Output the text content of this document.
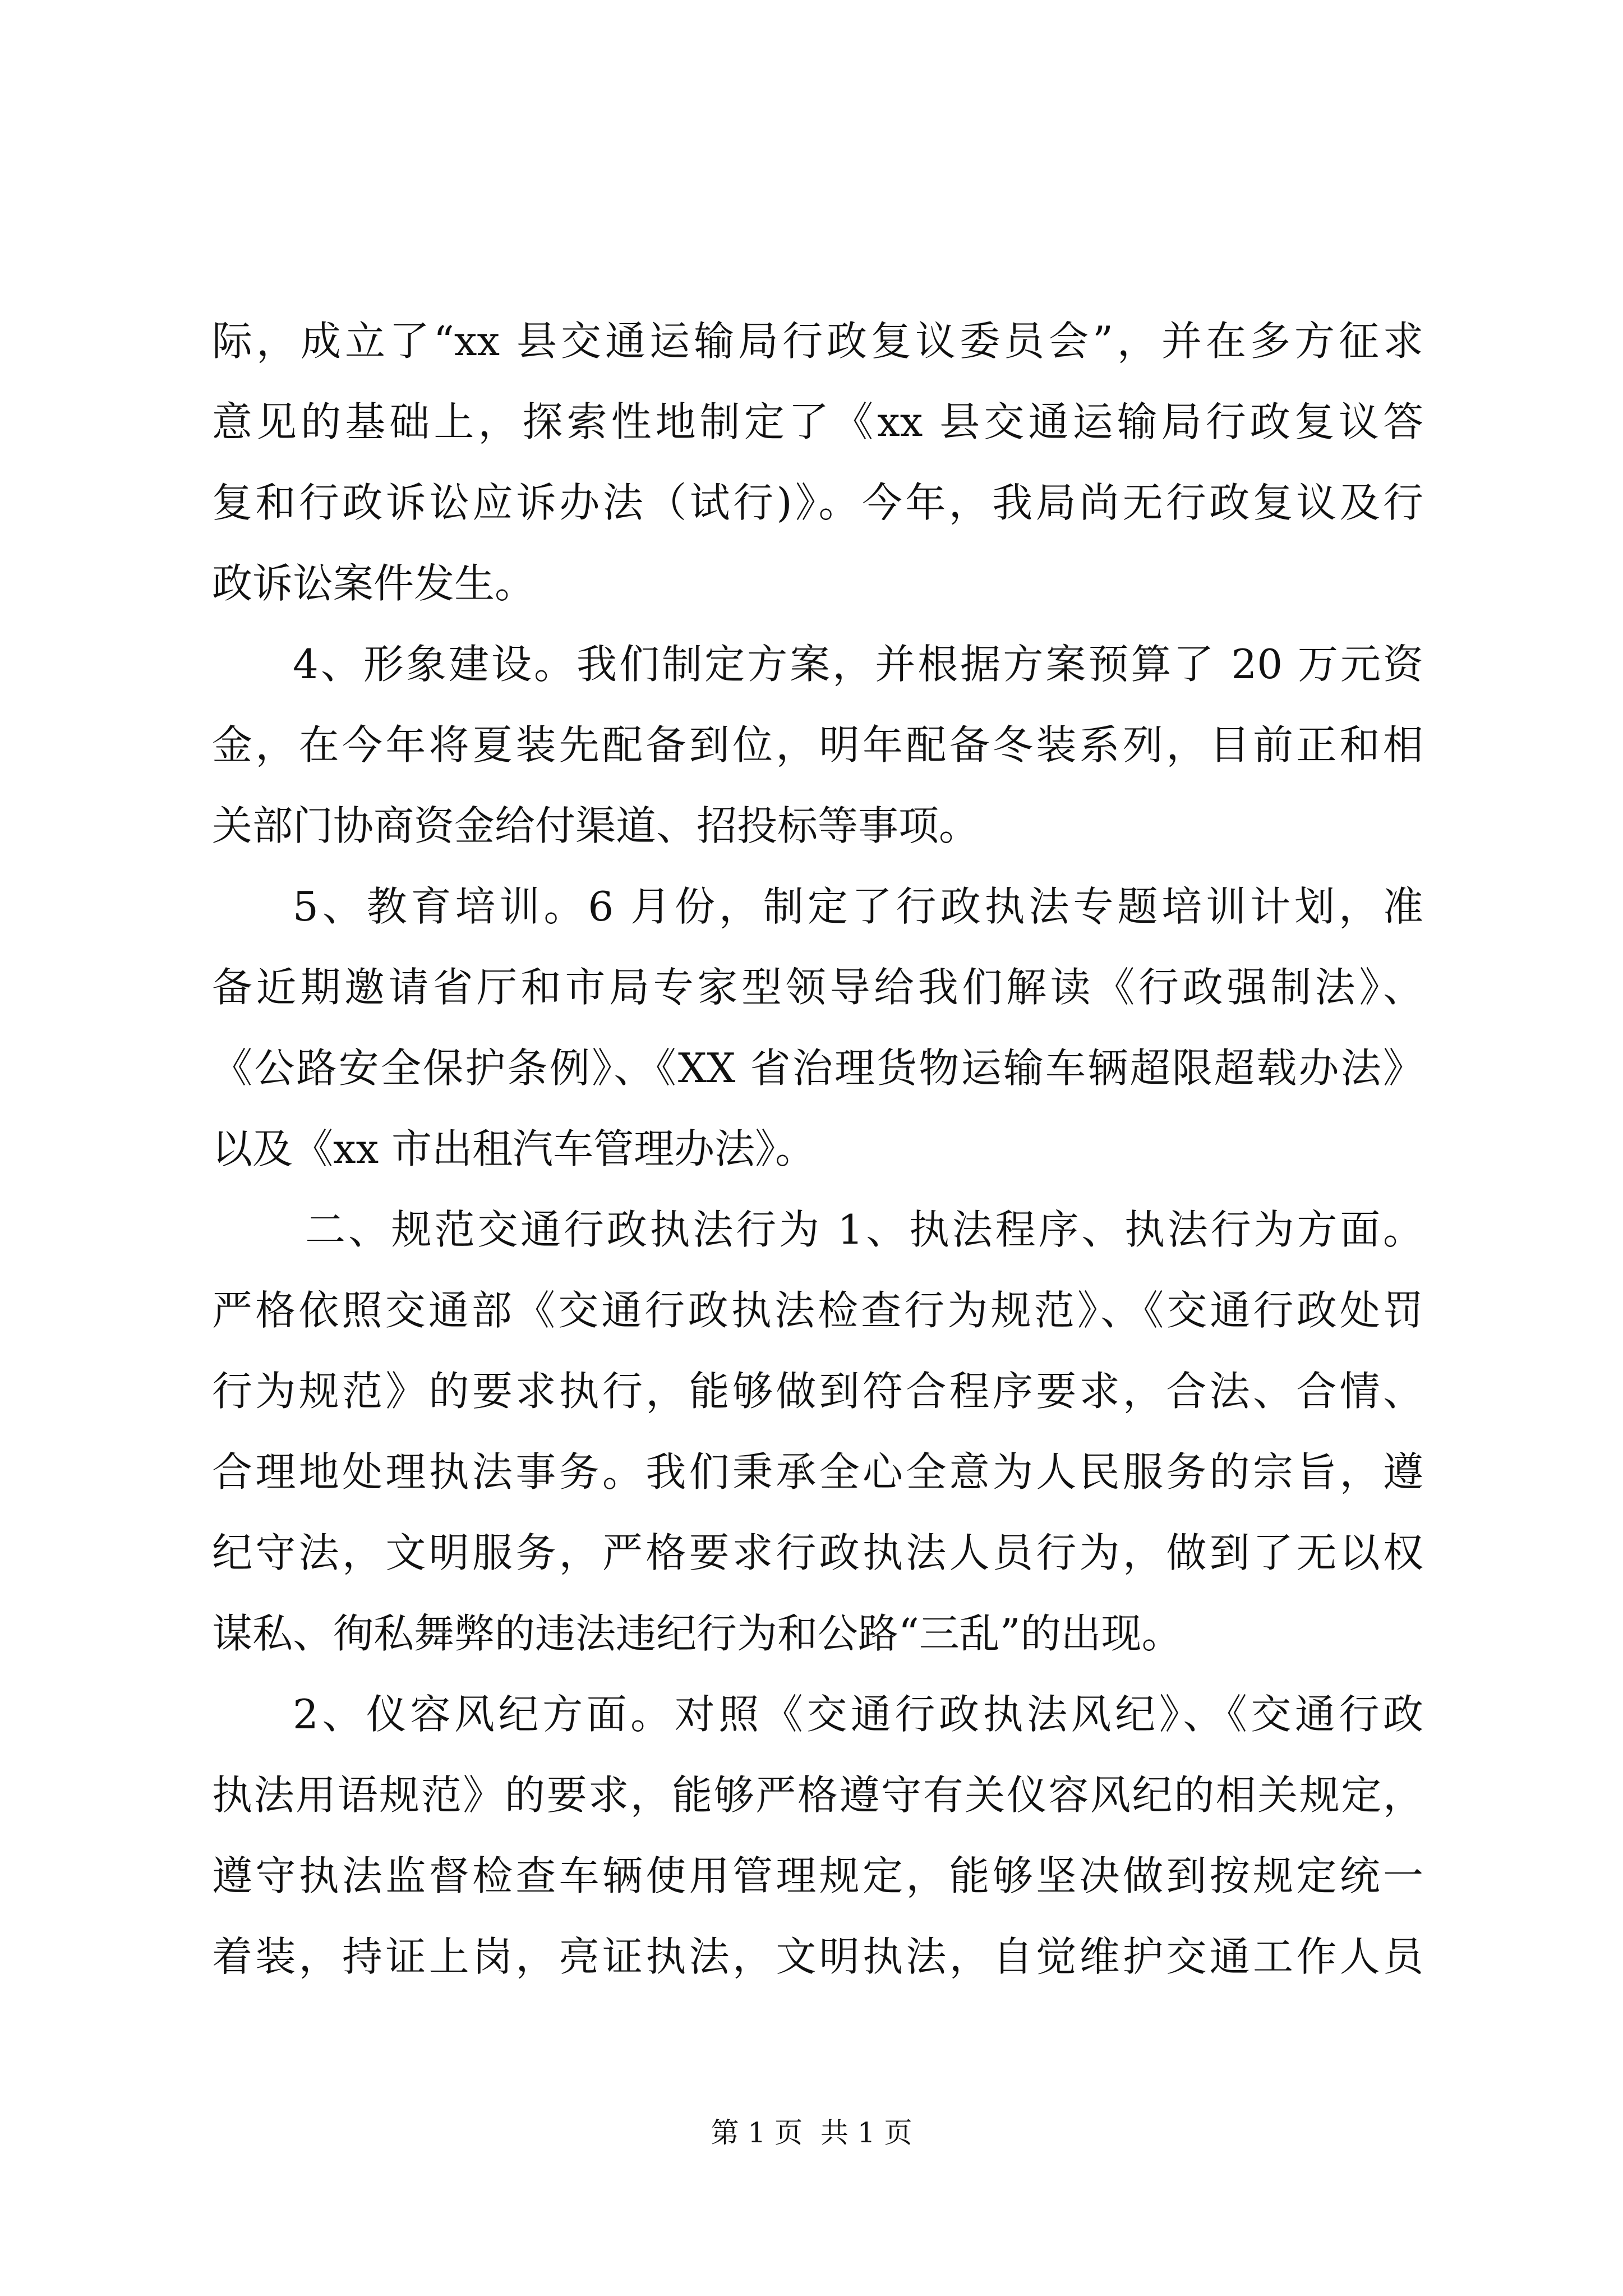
际，成立了“xx 县交通运输局行政复议委员会”，并在多方征求
意见的基础上，探索性地制定了《xx 县交通运输局行政复议答
复和行政诉讼应诉办法（试行)》。今年，我局尚无行政复议及行
政诉讼案件发生。
4、形象建设。我们制定方案，并根据方案预算了 20 万元资
金，在今年将夏装先配备到位，明年配备冬装系列，目前正和相
关部门协商资金给付渠道、招投标等事项。
5、教育培训。6 月份，制定了行政执法专题培训计划，准
备近期邀请省厅和市局专家型领导给我们解读《行政强制法》、
《公路安全保护条例》、《XX 省治理货物运输车辆超限超载办法》
以及《xx 市出租汽车管理办法》。
二、规范交通行政执法行为 1、执法程序、执法行为方面。
严格依照交通部《交通行政执法检查行为规范》、《交通行政处罚
行为规范》的要求执行，能够做到符合程序要求，合法、合情、
合理地处理执法事务。我们秉承全心全意为人民服务的宗旨，遵
纪守法，文明服务，严格要求行政执法人员行为，做到了无以权
谋私、徇私舞弊的违法违纪行为和公路“三乱”的出现。
2、仪容风纪方面。对照《交通行政执法风纪》、《交通行政
执法用语规范》的要求，能够严格遵守有关仪容风纪的相关规定，
遵守执法监督检查车辆使用管理规定，能够坚决做到按规定统一
着装，持证上岗，亮证执法，文明执法，自觉维护交通工作人员
第 1 页  共 1 页
